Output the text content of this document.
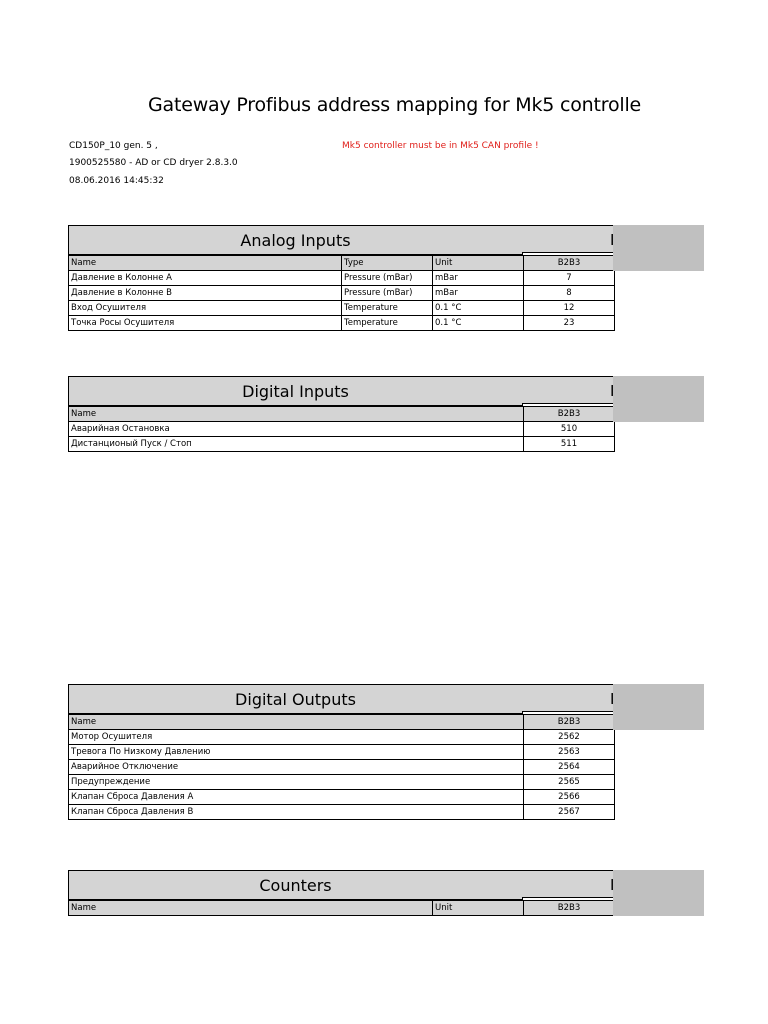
Gateway Profibus address mapping for Mk5 controlle
CD150P_10 gen. 5 ,
1900525580 - AD or CD dryer 2.8.3.0
08.06.2016 14:45:32
Mk5 controller must be in Mk5 CAN profile !
Analog Inputs	I
Name	Type	Unit	B2B3
Давление в Колонне A	Pressure (mBar)	mBar	7
Давление в Колонне B	Pressure (mBar)	mBar	8
Вход Осушителя	Temperature	0.1 °C	12
Точка Росы Осушителя	Temperature	0.1 °C	23
Digital Inputs	I
Name	B2B3
Аварийная Остановка	510
Дистанционый Пуск / Стоп	511
Digital Outputs	I
Name	B2B3
Мотор Осушителя	2562
Тревога По Низкому Давлению	2563
Аварийное Отключение	2564
Предупреждение	2565
Клапан Сброса Давления A	2566
Клапан Сброса Давления B	2567
Counters	I
Name	Unit	B2B3
